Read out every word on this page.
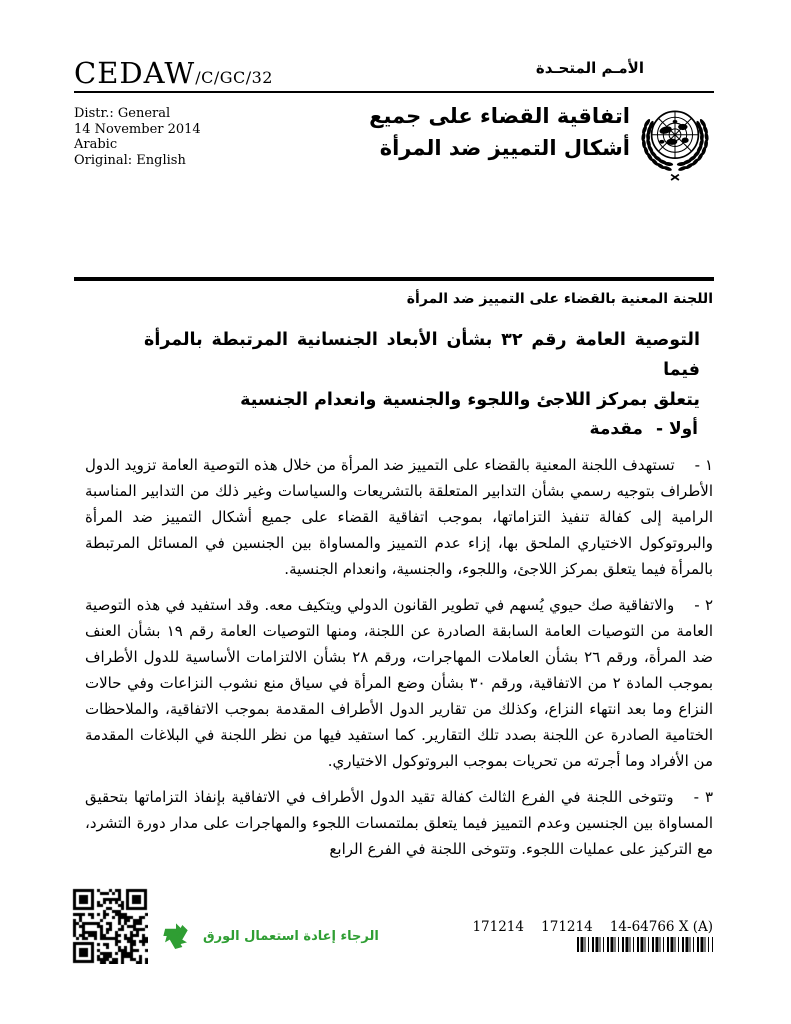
CEDAW /C/GC/32	الأمـم المتحـدة
Distr.: General
14 November 2014
Arabic
Original: English
اتفاقية القضاء على جميع
أشكال التمييز ضد المرأة
اللجنة المعنية بالقضاء على التمييز ضد المرأة
التوصية العامة رقم ٣٢ بشأن الأبعاد الجنسانية المرتبطة بالمرأة فيما
يتعلق بمركز اللاجئ واللجوء والجنسية وانعدام الجنسية
أولا -
مقدمة

١ -تستهدف اللجنة المعنية بالقضاء على التمييز ضد المرأة من خلال هذه التوصية العامة تزويد الدول الأطراف بتوجيه رسمي بشأن التدابير المتعلقة بالتشريعات والسياسات وغير ذلك من التدابير المناسبة الرامية إلى كفالة تنفيذ التزاماتها، بموجب اتفاقية القضاء على جميع أشكال التمييز ضد المرأة والبروتوكول الاختياري الملحق بها، إزاء عدم التمييز والمساواة بين الجنسين في المسائل المرتبطة بالمرأة فيما يتعلق بمركز اللاجئ، واللجوء، والجنسية، وانعدام الجنسية.

٢ -والاتفاقية صك حيوي يُسهم في تطوير القانون الدولي ويتكيف معه. وقد استفيد في هذه التوصية العامة من التوصيات العامة السابقة الصادرة عن اللجنة، ومنها التوصيات العامة رقم ١٩ بشأن العنف ضد المرأة، ورقم ٢٦ بشأن العاملات المهاجرات، ورقم ٢٨ بشأن الالتزامات الأساسية للدول الأطراف بموجب المادة ٢ من الاتفاقية، ورقم ٣٠ بشأن وضع المرأة في سياق منع نشوب النزاعات وفي حالات النزاع وما بعد انتهاء النزاع، وكذلك من تقارير الدول الأطراف المقدمة بموجب الاتفاقية، والملاحظات الختامية الصادرة عن اللجنة بصدد تلك التقارير. كما استفيد فيها من نظر اللجنة في البلاغات المقدمة من الأفراد وما أجرته من تحريات بموجب البروتوكول الاختياري.

٣ -وتتوخى اللجنة في الفرع الثالث كفالة تقيد الدول الأطراف في الاتفاقية بإنفاذ التزاماتها بتحقيق المساواة بين الجنسين وعدم التمييز فيما يتعلق بملتمسات اللجوء والمهاجرات على مدار دورة التشرد، مع التركيز على عمليات اللجوء. وتتوخى اللجنة في الفرع الرابع

الرجاء إعادة استعمال الورق
171214    171214    14-64766 X (A)
